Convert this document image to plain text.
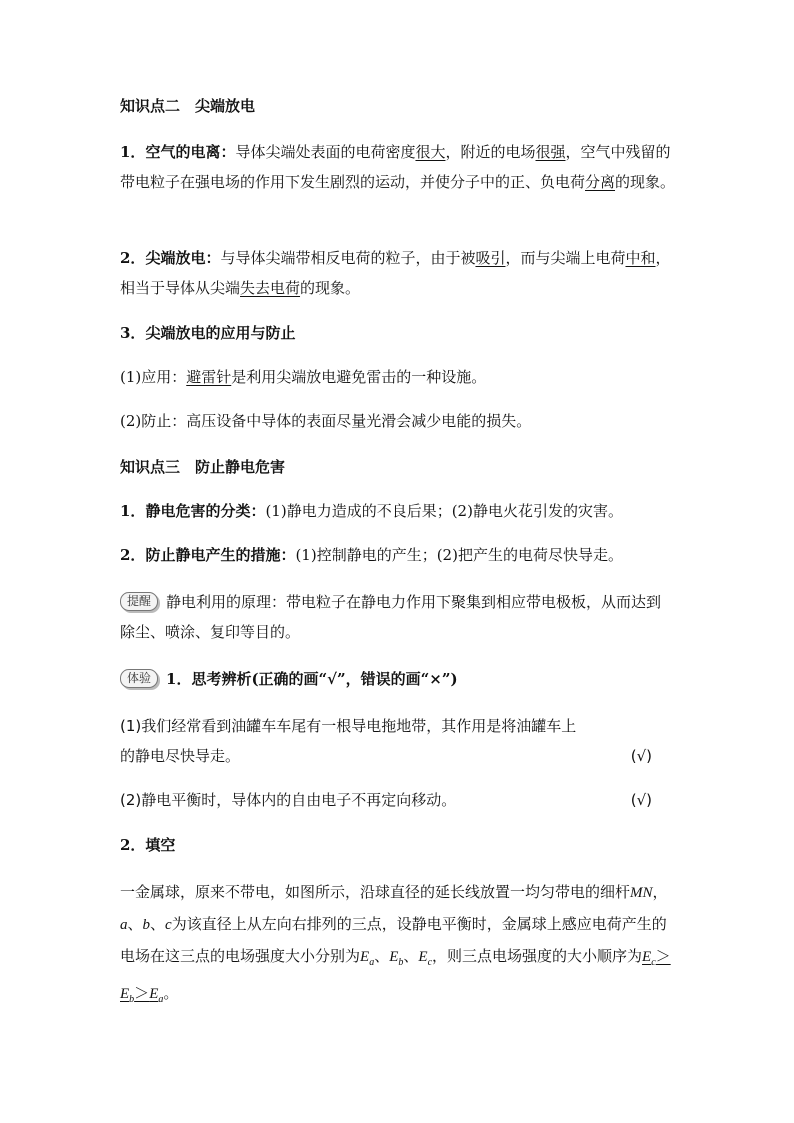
知识点二　尖端放电
1．空气的电离：导体尖端处表面的电荷密度很大，附近的电场很强，空气中残留的带电粒子在强电场的作用下发生剧烈的运动，并使分子中的正、负电荷分离的现象。
2．尖端放电：与导体尖端带相反电荷的粒子，由于被吸引，而与尖端上电荷中和，相当于导体从尖端失去电荷的现象。
3．尖端放电的应用与防止
(1)应用：避雷针是利用尖端放电避免雷击的一种设施。
(2)防止：高压设备中导体的表面尽量光滑会减少电能的损失。
知识点三　防止静电危害
1．静电危害的分类：(1)静电力造成的不良后果；(2)静电火花引发的灾害。
2．防止静电产生的措施：(1)控制静电的产生；(2)把产生的电荷尽快导走。
提醒 静电利用的原理：带电粒子在静电力作用下聚集到相应带电极板，从而达到除尘、喷涂、复印等目的。
体验 1．思考辨析(正确的画“√”，错误的画“×”)
(1)我们经常看到油罐车车尾有一根导电拖地带，其作用是将油罐车上的静电尽快导走。	(√)
(2)静电平衡时，导体内的自由电子不再定向移动。	(√)
2．填空
一金属球，原来不带电，如图所示，沿球直径的延长线放置一均匀带电的细杆MN，a、b、c为该直径上从左向右排列的三点，设静电平衡时，金属球上感应电荷产生的电场在这三点的电场强度大小分别为$E_a$、$E_b$、$E_c$，则三点电场强度的大小顺序为$E_c>E_b>E_a$。
